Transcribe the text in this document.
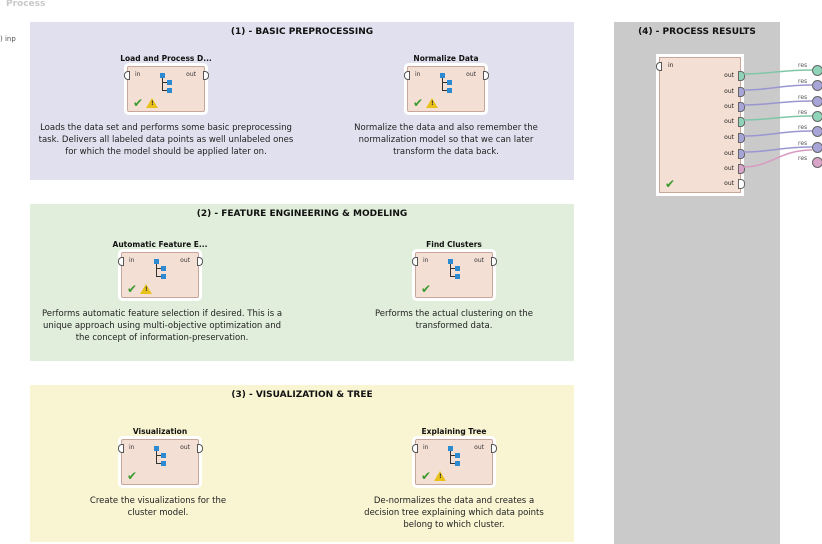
Process
) inp
(1) - BASIC PREPROCESSING
Load and Process D...
in	out
✔ !
Loads the data set and performs some basic preprocessing task. Delivers all labeled data points as well unlabeled ones for which the model should be applied later on.
Normalize Data
in	out
✔ !
Normalize the data and also remember the normalization model so that we can later transform the data back.
(2) - FEATURE ENGINEERING & MODELING
Automatic Feature E...
in	out
✔ !
Performs automatic feature selection if desired. This is a unique approach using multi-objective optimization and the concept of information-preservation.
Find Clusters
in	out
✔
Performs the actual clustering on the transformed data.
(3) - VISUALIZATION & TREE
Visualization
in	out
✔
Create the visualizations for the cluster model.
Explaining Tree
in	out
✔ !
De-normalizes the data and creates a decision tree explaining which data points belong to which cluster.
(4) - PROCESS RESULTS
in
out
out
out
out
out
out
out
out
✔
res
res
res
res
res
res
res
